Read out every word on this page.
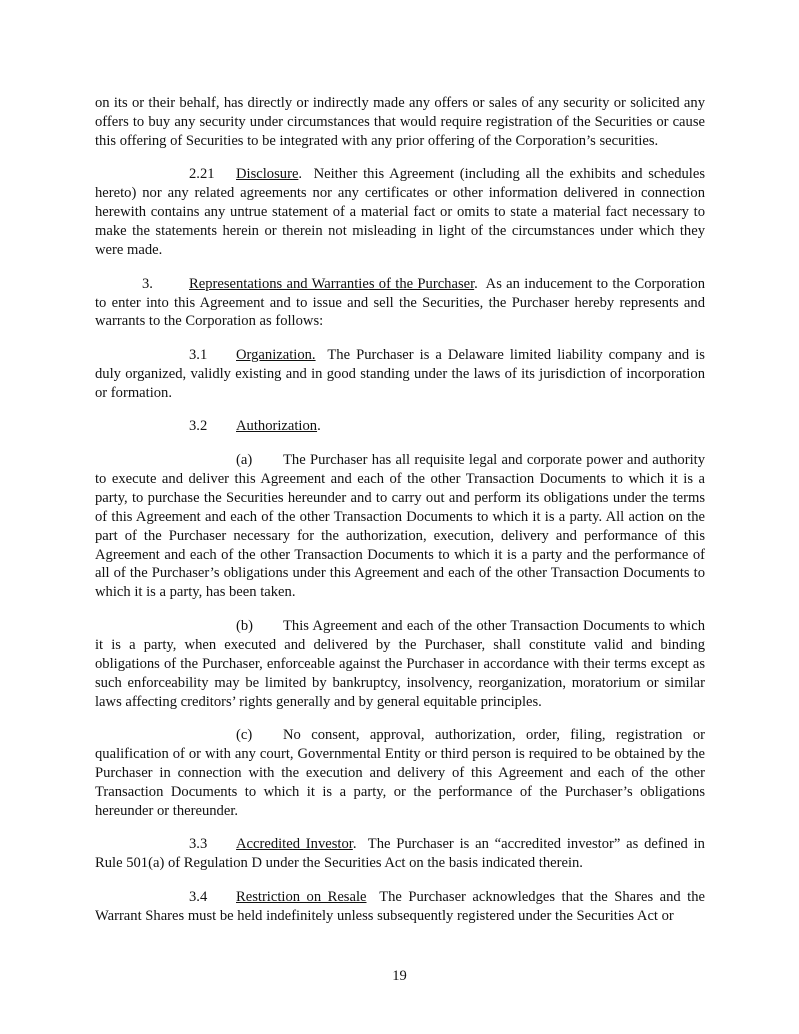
on its or their behalf, has directly or indirectly made any offers or sales of any security or solicited any offers to buy any security under circumstances that would require registration of the Securities or cause this offering of Securities to be integrated with any prior offering of the Corporation’s securities.

2.21 Disclosure.  Neither this Agreement (including all the exhibits and schedules hereto) nor any related agreements nor any certificates or other information delivered in connection herewith contains any untrue statement of a material fact or omits to state a material fact necessary to make the statements herein or therein not misleading in light of the circumstances under which they were made.

3. Representations and Warranties of the Purchaser.  As an inducement to the Corporation to enter into this Agreement and to issue and sell the Securities, the Purchaser hereby represents and warrants to the Corporation as follows:

3.1 Organization.  The Purchaser is a Delaware limited liability company and is duly organized, validly existing and in good standing under the laws of its jurisdiction of incorporation or formation.

3.2 Authorization.

(a) The Purchaser has all requisite legal and corporate power and authority to execute and deliver this Agreement and each of the other Transaction Documents to which it is a party, to purchase the Securities hereunder and to carry out and perform its obligations under the terms of this Agreement and each of the other Transaction Documents to which it is a party. All action on the part of the Purchaser necessary for the authorization, execution, delivery and performance of this Agreement and each of the other Transaction Documents to which it is a party and the performance of all of the Purchaser’s obligations under this Agreement and each of the other Transaction Documents to which it is a party, has been taken.

(b) This Agreement and each of the other Transaction Documents to which it is a party, when executed and delivered by the Purchaser, shall constitute valid and binding obligations of the Purchaser, enforceable against the Purchaser in accordance with their terms except as such enforceability may be limited by bankruptcy, insolvency, reorganization, moratorium or similar laws affecting creditors’ rights generally and by general equitable principles.

(c) No consent, approval, authorization, order, filing, registration or qualification of or with any court, Governmental Entity or third person is required to be obtained by the Purchaser in connection with the execution and delivery of this Agreement and each of the other Transaction Documents to which it is a party, or the performance of the Purchaser’s obligations hereunder or thereunder.

3.3 Accredited Investor.  The Purchaser is an “accredited investor” as defined in Rule 501(a) of Regulation D under the Securities Act on the basis indicated therein.

3.4 Restriction on Resale  The Purchaser acknowledges that the Shares and the Warrant Shares must be held indefinitely unless subsequently registered under the Securities Act or

19
